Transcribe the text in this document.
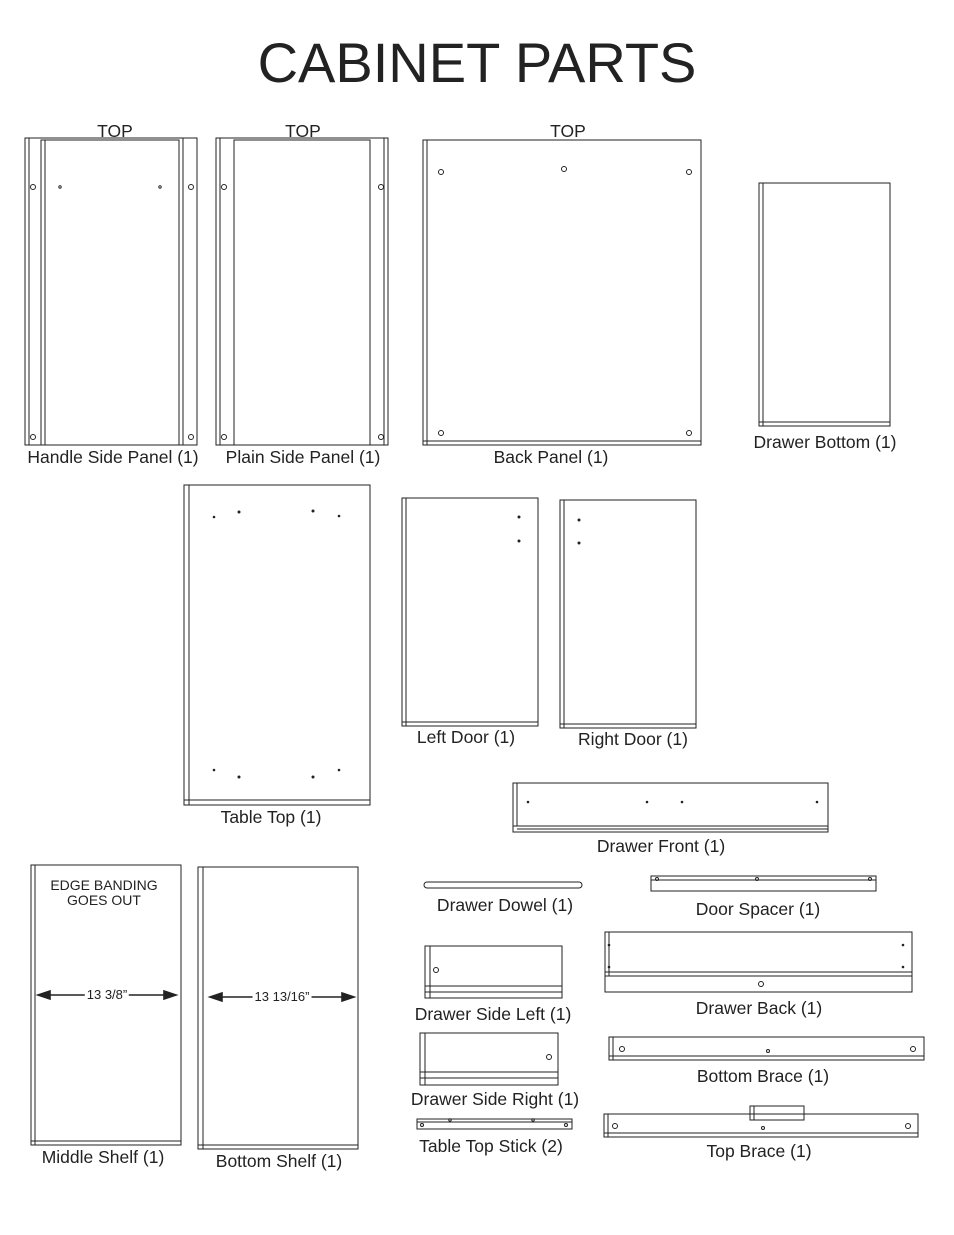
CABINET PARTS
TOP	TOP	TOP
Handle Side Panel (1) Plain Side Panel (1)	Back Panel (1)
Drawer Bottom (1)
Table Top (1)
Left Door (1)	Right Door (1)
Drawer Front (1)
Middle Shelf (1)	Bottom Shelf (1)
Drawer Dowel (1)	Door Spacer (1)
Drawer Side Left (1)	Drawer Back (1)
Drawer Side Right (1)
Bottom Brace (1)
Table Top Stick (2)	Top Brace (1)
EDGE BANDING
GOES OUT
13 3/8”	13 13/16”
